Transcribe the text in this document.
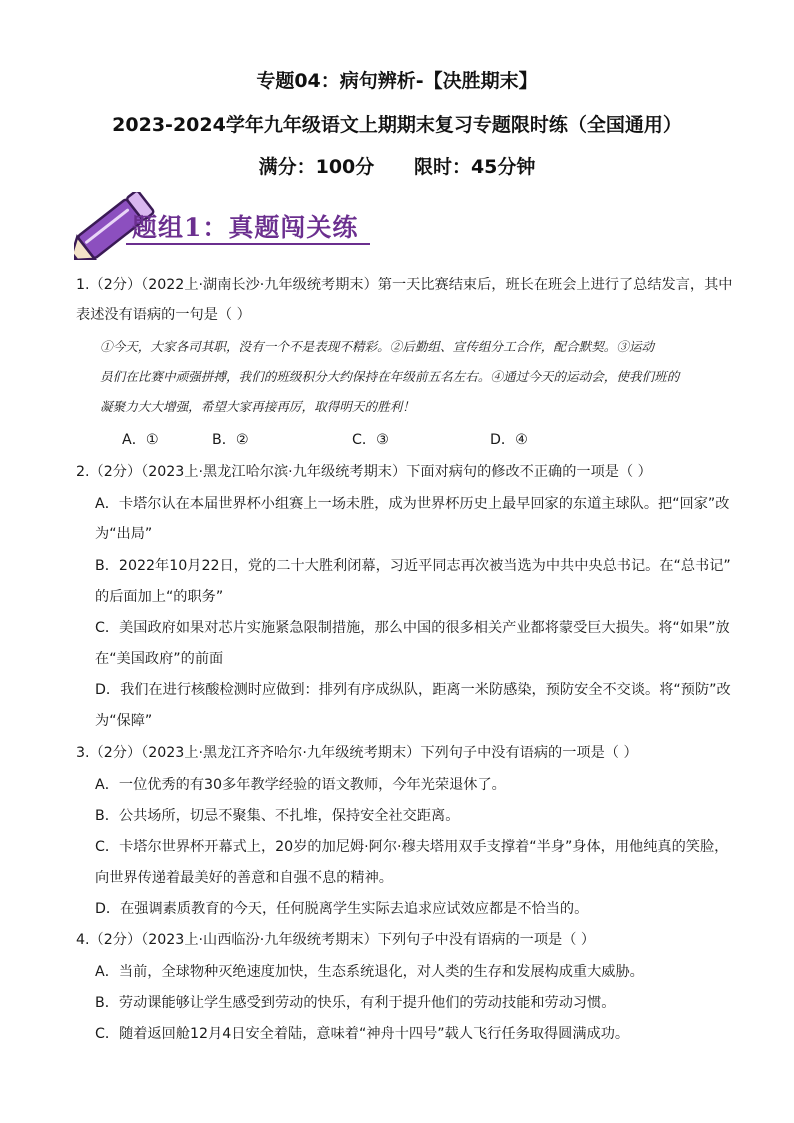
专题04：病句辨析-【决胜期末】
2023-2024学年九年级语文上期期末复习专题限时练（全国通用）
满分：100分      限时：45分钟
题组1：真题闯关练
1.（2分）（2022上·湖南长沙·九年级统考期末）第一天比赛结束后，班长在班会上进行了总结发言，其中
表述没有语病的一句是（ ）
①今天，大家各司其职，没有一个不是表现不精彩。②后勤组、宣传组分工合作，配合默契。③运动
员们在比赛中顽强拼搏，我们的班级积分大约保持在年级前五名左右。④通过今天的运动会，使我们班的
凝聚力大大增强，希望大家再接再厉，取得明天的胜利！
A．①	B．②	C．③	D．④
2.（2分）（2023上·黑龙江哈尔滨·九年级统考期末）下面对病句的修改不正确的一项是（ ）
A．卡塔尔认在本届世界杯小组赛上一场未胜，成为世界杯历史上最早回家的东道主球队。把“回家”改
为“出局”
B．2022年10月22日，党的二十大胜利闭幕，习近平同志再次被当选为中共中央总书记。在“总书记”
的后面加上“的职务”
C．美国政府如果对芯片实施紧急限制措施，那么中国的很多相关产业都将蒙受巨大损失。将“如果”放
在“美国政府”的前面
D．我们在进行核酸检测时应做到：排列有序成纵队，距离一米防感染，预防安全不交谈。将“预防”改
为“保障”
3.（2分）（2023上·黑龙江齐齐哈尔·九年级统考期末）下列句子中没有语病的一项是（ ）
A．一位优秀的有30多年教学经验的语文教师，今年光荣退休了。
B．公共场所，切忌不聚集、不扎堆，保持安全社交距离。
C．卡塔尔世界杯开幕式上，20岁的加尼姆·阿尔·穆夫塔用双手支撑着“半身”身体，用他纯真的笑脸，
向世界传递着最美好的善意和自强不息的精神。
D．在强调素质教育的今天，任何脱离学生实际去追求应试效应都是不恰当的。
4.（2分）（2023上·山西临汾·九年级统考期末）下列句子中没有语病的一项是（ ）
A．当前，全球物种灭绝速度加快，生态系统退化，对人类的生存和发展构成重大威胁。
B．劳动课能够让学生感受到劳动的快乐，有利于提升他们的劳动技能和劳动习惯。
C．随着返回舱12月4日安全着陆，意味着“神舟十四号”载人飞行任务取得圆满成功。
